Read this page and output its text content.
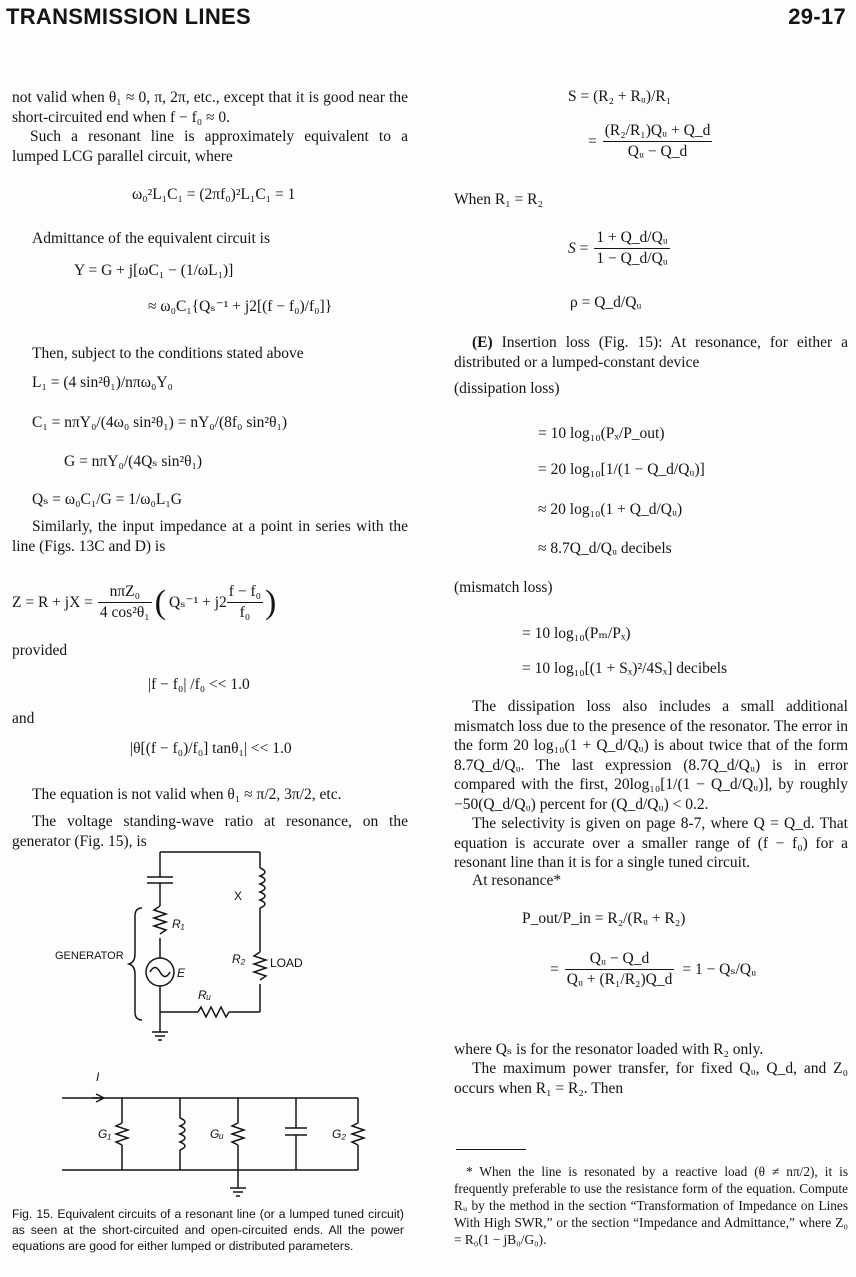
TRANSMISSION LINES	29-17
not valid when θ₁ ≈ 0, π, 2π, etc., except that it is good near the short-circuited end when f − f₀ ≈ 0.
Such a resonant line is approximately equivalent to a lumped LCG parallel circuit, where
ω₀²L₁C₁ = (2πf₀)²L₁C₁ = 1
Admittance of the equivalent circuit is
Y = G + j[ωC₁ − (1/ωL₁)]
≈ ω₀C₁{Qₛ⁻¹ + j2[(f − f₀)/f₀]}
Then, subject to the conditions stated above
L₁ = (4 sin²θ₁)/nπω₀Y₀
C₁ = nπY₀/(4ω₀ sin²θ₁) = nY₀/(8f₀ sin²θ₁)
G = nπY₀/(4Qₛ sin²θ₁)
Qₛ = ω₀C₁/G = 1/ω₀L₁G
Similarly, the input impedance at a point in series with the line (Figs. 13C and D) is
Z = R + jX = $\frac{\text{nπZ₀}}{\text{4 cos²θ₁}}$ ( $Q_s^{-1} + j2 \frac{\text{f − f₀}}{\text{f₀}}$ )
provided
|f − f₀| /f₀ << 1.0
and
|θ[(f − f₀)/f₀] tanθ₁| << 1.0
The equation is not valid when θ₁ ≈ π/2, 3π/2, etc.
The voltage standing-wave ratio at resonance, on the generator (Fig. 15), is
X
R₁
GENERATOR
E
R₂ LOAD
Rᵤ
I
G₁	Gᵤ	G₂
Fig. 15. Equivalent circuits of a resonant line (or a lumped tuned circuit) as seen at the short-circuited and open-circuited ends. All the power equations are good for either lumped or distributed parameters.
S = (R₂ + Rᵤ)/R₁
= $\frac{\text{(R₂/R₁)Qᵤ + Q\_d}}{\text{Qᵤ − Q\_d}}$
When R₁ = R₂
$S = \frac{\text{1 + Q\_d/Qᵤ}}{\text{1 − Q\_d/Qᵤ}}$
ρ = Q_d/Qᵤ
(E) Insertion loss (Fig. 15): At resonance, for either a distributed or a lumped-constant device
(dissipation loss)
= 10 log₁₀(Pₓ/P_out)
= 20 log₁₀[1/(1 − Q_d/Qᵤ)]
≈ 20 log₁₀(1 + Q_d/Qᵤ)
≈ 8.7Q_d/Qᵤ decibels
(mismatch loss)
= 10 log₁₀(Pₘ/Pₓ)
= 10 log₁₀[(1 + Sₓ)²/4Sₓ] decibels
The dissipation loss also includes a small additional mismatch loss due to the presence of the resonator. The error in the form 20 log₁₀(1 + Q_d/Qᵤ) is about twice that of the form 8.7Q_d/Qᵤ. The last expression (8.7Q_d/Qᵤ) is in error compared with the first, 20log₁₀[1/(1 − Q_d/Qᵤ)], by roughly −50(Q_d/Qᵤ) percent for (Q_d/Qᵤ) < 0.2.
The selectivity is given on page 8-7, where Q = Q_d. That equation is accurate over a smaller range of (f − f₀) for a resonant line than it is for a single tuned circuit.
At resonance*
P_out/P_in = R₂/(Rᵤ + R₂)
= $\frac{\text{Qᵤ − Q\_d}}{\text{Qᵤ + (R₁/R₂)Q\_d}} = 1$ − Qₛ/Qᵤ
where Qₛ is for the resonator loaded with R₂ only.
The maximum power transfer, for fixed Qᵤ, Q_d, and Z₀ occurs when R₁ = R₂. Then
* When the line is resonated by a reactive load (θ ≠ nπ/2), it is frequently preferable to use the resistance form of the equation. Compute Rᵤ by the method in the section “Transformation of Impedance on Lines With High SWR,” or the section “Impedance and Admittance,” where Z₀ = R₀(1 − jB₀/G₀).
